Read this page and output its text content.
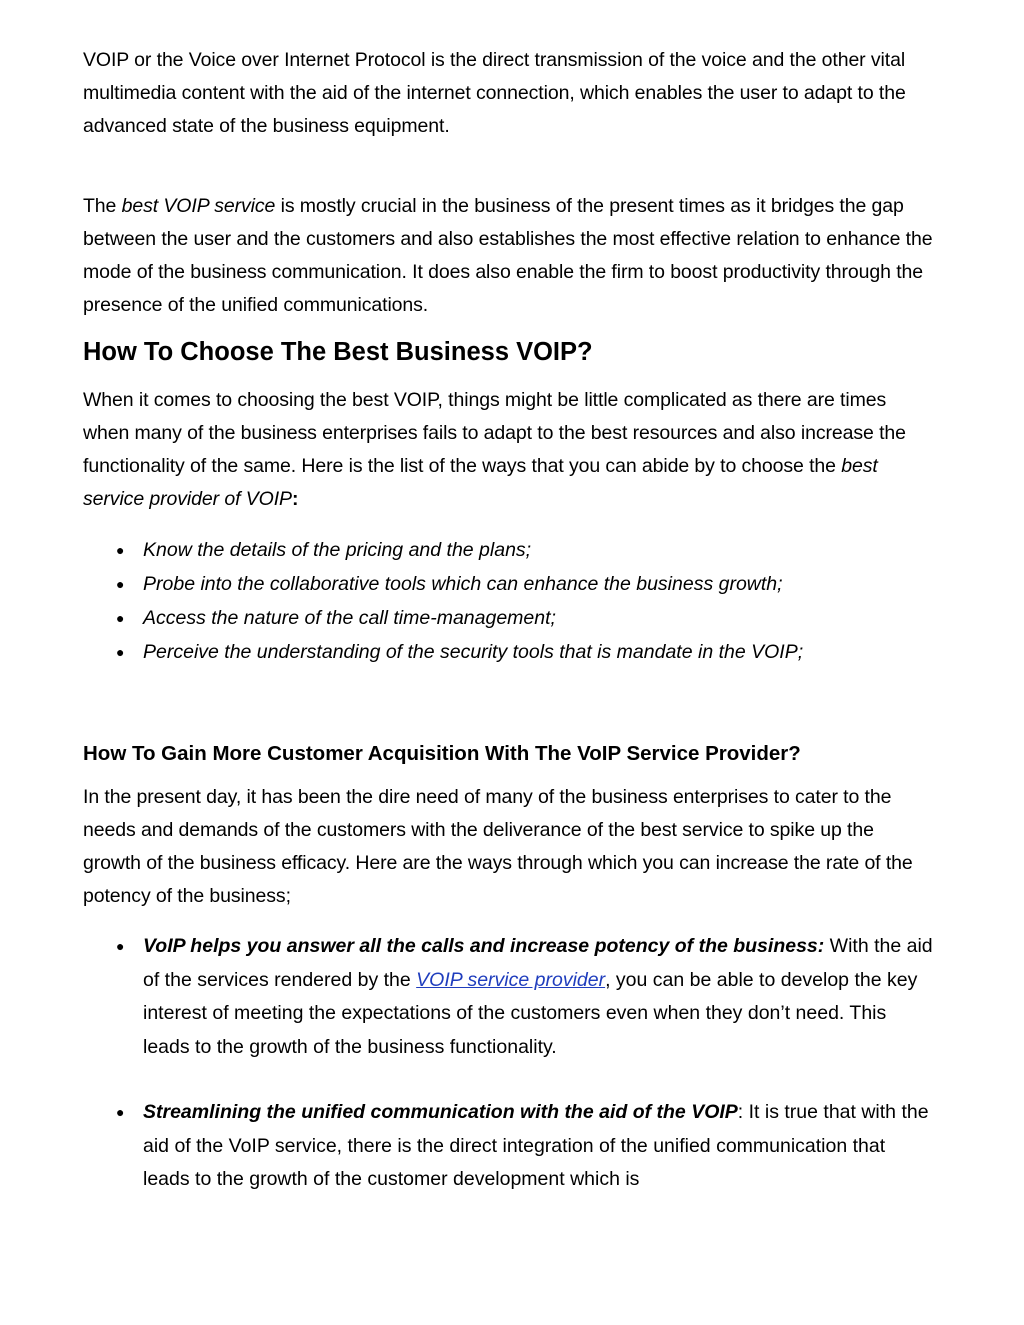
VOIP or the Voice over Internet Protocol is the direct transmission of the voice and the other vital multimedia content with the aid of the internet connection, which enables the user to adapt to the advanced state of the business equipment.

The best VOIP service is mostly crucial in the business of the present times as it bridges the gap between the user and the customers and also establishes the most effective relation to enhance the mode of the business communication. It does also enable the firm to boost productivity through the presence of the unified communications.

How To Choose The Best Business VOIP?

When it comes to choosing the best VOIP, things might be little complicated as there are times when many of the business enterprises fails to adapt to the best resources and also increase the functionality of the same. Here is the list of the ways that you can abide by to choose the best service provider of VOIP:

● Know the details of the pricing and the plans;
● Probe into the collaborative tools which can enhance the business growth;
● Access the nature of the call time-management;
● Perceive the understanding of the security tools that is mandate in the VOIP;
How To Gain More Customer Acquisition With The VoIP Service Provider?

In the present day, it has been the dire need of many of the business enterprises to cater to the needs and demands of the customers with the deliverance of the best service to spike up the growth of the business efficacy. Here are the ways through which you can increase the rate of the potency of the business;

● VoIP helps you answer all the calls and increase potency of the business: With the aid of the services rendered by the VOIP service provider, you can be able to develop the key interest of meeting the expectations of the customers even when they don’t need. This leads to the growth of the business functionality.
● Streamlining the unified communication with the aid of the VOIP: It is true that with the aid of the VoIP service, there is the direct integration of the unified communication that leads to the growth of the customer development which is
